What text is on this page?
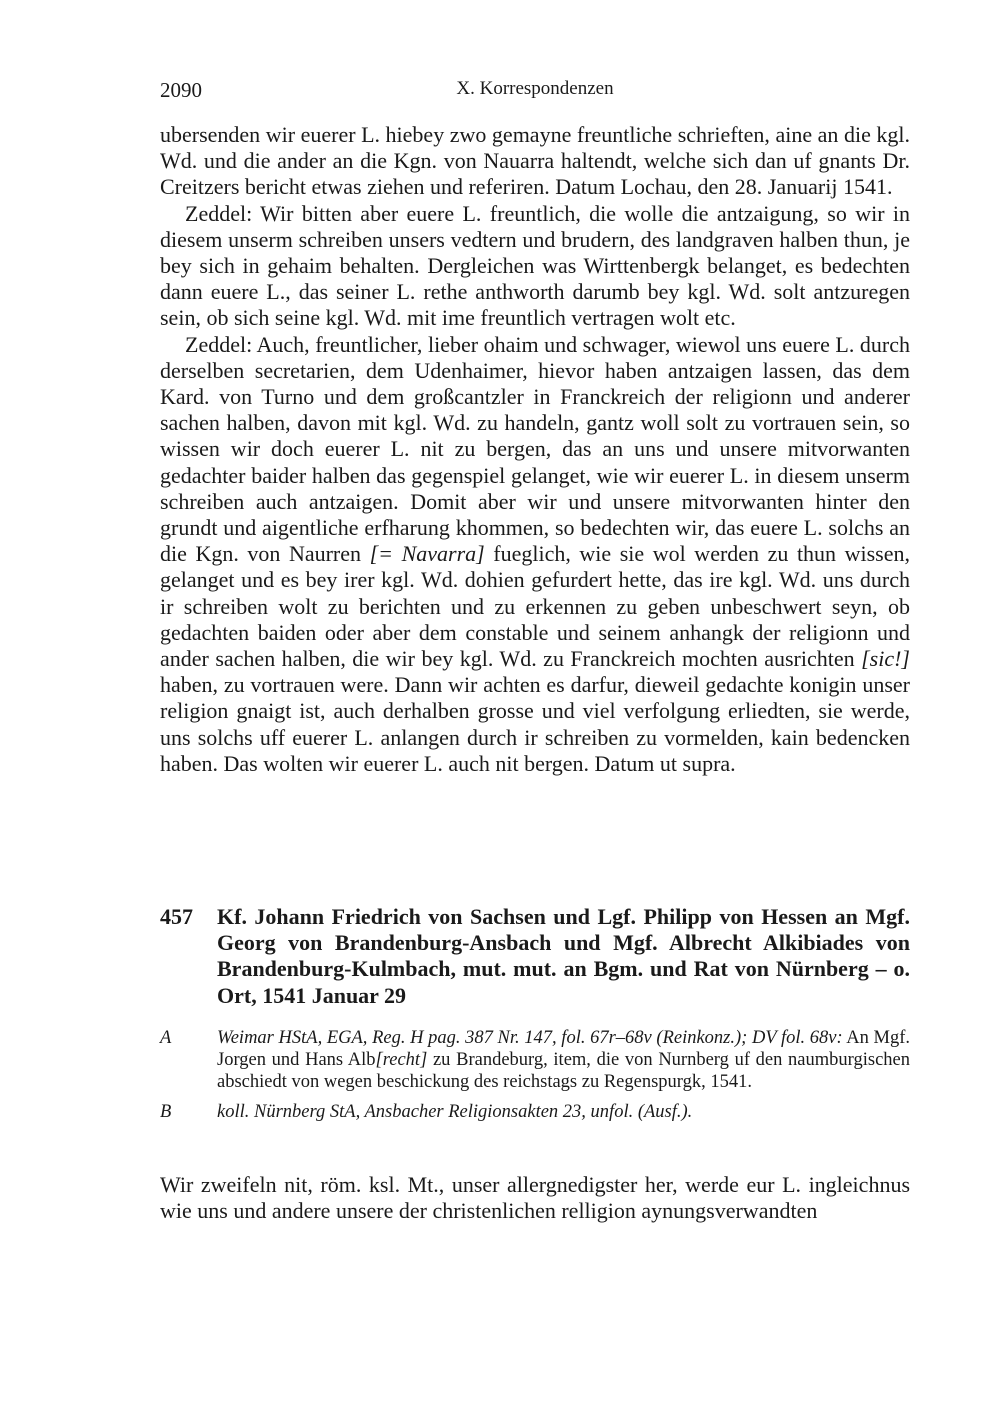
X. Korrespondenzen
2090

ubersenden wir euerer L. hiebey zwo gemayne freuntliche schrieften, aine an die kgl. Wd. und die ander an die Kgn. von Nauarra haltendt, welche sich dan uf gnants Dr. Creitzers bericht etwas ziehen und referiren. Datum Lochau, den 28. Januarij 1541.

Zeddel: Wir bitten aber euere L. freuntlich, die wolle die antzaigung, so wir in diesem unserm schreiben unsers vedtern und brudern, des landgraven halben thun, je bey sich in gehaim behalten. Dergleichen was Wirttenbergk belanget, es bedechten dann euere L., das seiner L. rethe anthworth darumb bey kgl. Wd. solt antzuregen sein, ob sich seine kgl. Wd. mit ime freuntlich vertragen wolt etc.

Zeddel: Auch, freuntlicher, lieber ohaim und schwager, wiewol uns euere L. durch derselben secretarien, dem Udenhaimer, hievor haben antzaigen lassen, das dem Kard. von Turno und dem großcantzler in Franckreich der religionn und anderer sachen halben, davon mit kgl. Wd. zu handeln, gantz woll solt zu vortrauen sein, so wissen wir doch euerer L. nit zu bergen, das an uns und unsere mitvorwanten gedachter baider halben das gegenspiel gelanget, wie wir euerer L. in diesem unserm schreiben auch antzaigen. Domit aber wir und unsere mitvorwanten hinter den grundt und aigentliche erfharung khommen, so bedechten wir, das euere L. solchs an die Kgn. von Naurren [= Navarra] fueglich, wie sie wol werden zu thun wissen, gelanget und es bey irer kgl. Wd. dohien gefurdert hette, das ire kgl. Wd. uns durch ir schreiben wolt zu berichten und zu erkennen zu geben unbeschwert seyn, ob gedachten baiden oder aber dem constable und seinem anhangk der religionn und ander sachen halben, die wir bey kgl. Wd. zu Franckreich mochten ausrichten [sic!] haben, zu vortrauen were. Dann wir achten es darfur, dieweil gedachte konigin unser religion gnaigt ist, auch derhalben grosse und viel verfolgung erliedten, sie werde, uns solchs uff euerer L. anlangen durch ir schreiben zu vormelden, kain bedencken haben. Das wolten wir euerer L. auch nit bergen. Datum ut supra.

457 Kf. Johann Friedrich von Sachsen und Lgf. Philipp von Hessen an Mgf. Georg von Brandenburg-Ansbach und Mgf. Albrecht Alkibiades von Brandenburg-Kulmbach, mut. mut. an Bgm. und Rat von Nürnberg – o. Ort, 1541 Januar 29
A Weimar HStA, EGA, Reg. H pag. 387 Nr. 147, fol. 67r–68v (Reinkonz.); DV fol. 68v: An Mgf. Jorgen und Hans Alb[recht] zu Brandeburg, item, die von Nurnberg uf den naumburgischen abschiedt von wegen beschickung des reichstags zu Regenspurgk, 1541.
B koll. Nürnberg StA, Ansbacher Religionsakten 23, unfol. (Ausf.).

Wir zweifeln nit, röm. ksl. Mt., unser allergnedigster her, werde eur L. ingleichnus wie uns und andere unsere der christenlichen relligion aynungsverwandten
